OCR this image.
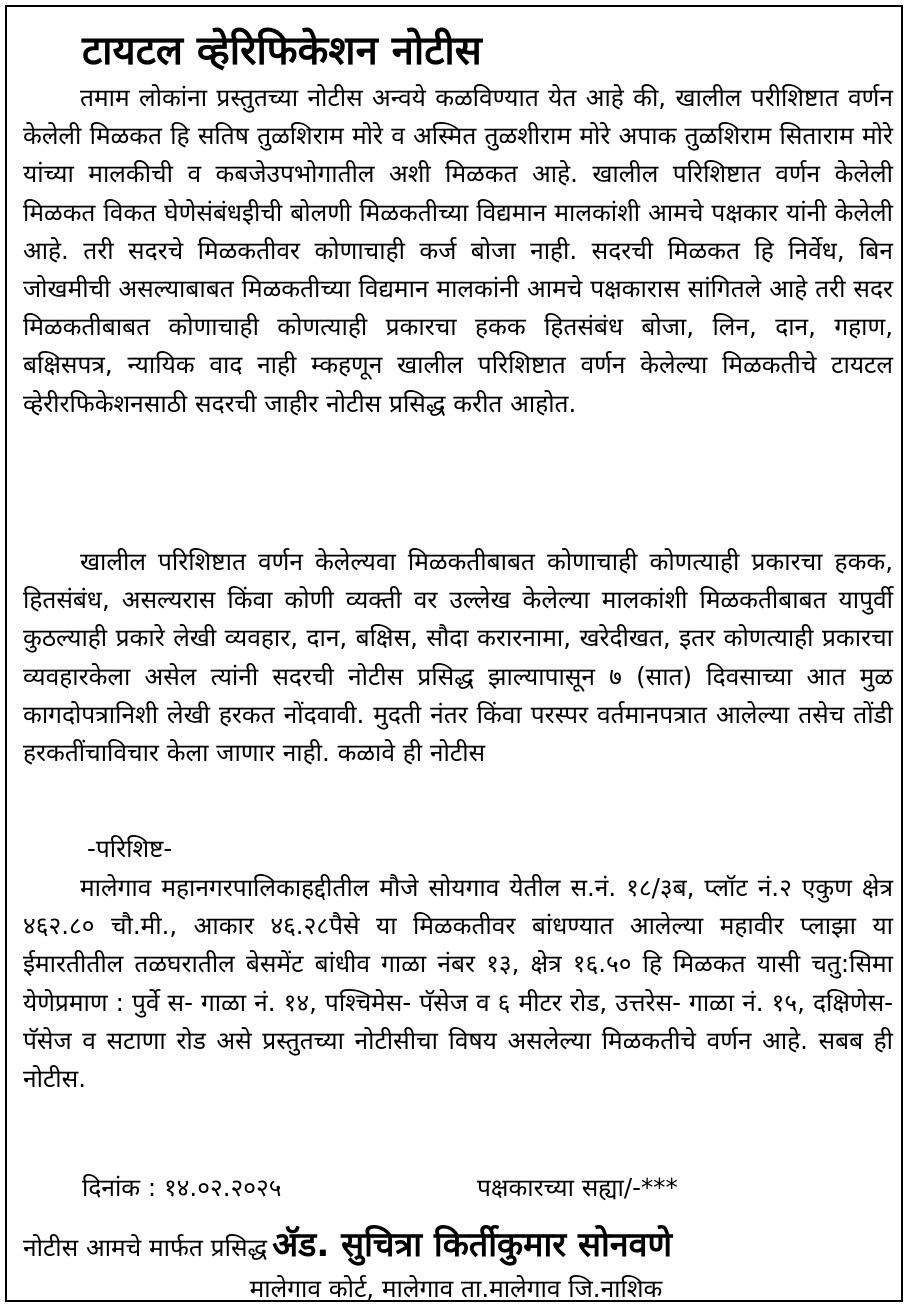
टायटल व्हेरिफिकेशन नोटीस

तमाम लोकांना प्रस्तुतच्या नोटीस अन्वये कळविण्यात येत आहे की, खालील परीशिष्टात वर्णन केलेली मिळकत हि सतिष तुळशिराम मोरे व अस्मित तुळशीराम मोरे अपाक तुळशिराम सिताराम मोरे यांच्या मालकीची व कबजेउपभोगातील अशी मिळकत आहे. खालील परिशिष्टात वर्णन केलेली मिळकत विकत घेणेसंबंधइीची बोलणी मिळकतीच्या विद्यमान मालकांशी आमचे पक्षकार यांनी केलेली आहे. तरी सदरचे मिळकतीवर कोणाचाही कर्ज बोजा नाही. सदरची मिळकत हि निर्वेध, बिन जोखमीची असल्याबाबत मिळकतीच्या विद्यमान मालकांनी आमचे पक्षकारास सांगितले आहे तरी सदर मिळकतीबाबत कोणाचाही कोणत्याही प्रकारचा हकक हितसंबंध बोजा, लिन, दान, गहाण, बक्षिसपत्र, न्यायिक वाद नाही म्कहणून खालील परिशिष्टात वर्णन केलेल्या मिळकतीचे टायटल व्हेरीरफिकेशनसाठी सदरची जाहीर नोटीस प्रसिद्ध करीत आहोत.

खालील परिशिष्टात वर्णन केलेल्यवा मिळकतीबाबत कोणाचाही कोणत्याही प्रकारचा हकक, हितसंबंध, असल्यरास किंवा कोणी व्यक्ती वर उल्लेख केलेल्या मालकांशी मिळकतीबाबत यापुर्वी कुठल्याही प्रकारे लेखी व्यवहार, दान, बक्षिस, सौदा करारनामा, खरेदीखत, इतर कोणत्याही प्रकारचा व्यवहारकेला असेल त्यांनी सदरची नोटीस प्रसिद्ध झाल्यापासून ७ (सात) दिवसाच्या आत मुळ कागदोपत्रानिशी लेखी हरकत नोंदवावी. मुदती नंतर किंवा परस्पर वर्तमानपत्रात आलेल्या तसेच तोंडी हरकतींचाविचार केला जाणार नाही. कळावे ही नोटीस

-परिशिष्ट-

मालेगाव महानगरपालिकाहद्दीतील मौजे सोयगाव येतील स.नं. १८/३ब, प्लॉट नं.२ एकुण क्षेत्र ४६२.८० चौ.मी., आकार ४६.२८पैसे या मिळकतीवर बांधण्यात आलेल्या महावीर प्लाझा या ईमारतीतील तळघरातील बेसमेंट बांधीव गाळा नंबर १३, क्षेत्र १६.५० हि मिळकत यासी चतु:सिमा येणेप्रमाण : पुर्वे स- गाळा नं. १४, पश्चिमेस- पॅसेज व ६ मीटर रोड, उत्तरेस- गाळा नं. १५, दक्षिणेस- पॅसेज व सटाणा रोड असे प्रस्तुतच्या नोटीसीचा विषय असलेल्या मिळकतीचे वर्णन आहे. सबब ही नोटीस.

दिनांक : १४.०२.२०२५	पक्षकारच्या सह्या/-***
नोटीस आमचे मार्फत प्रसिद्ध ॲड. सुचित्रा किर्तीकुमार सोनवणे
मालेगाव कोर्ट, मालेगाव ता.मालेगाव जि.नाशिक
